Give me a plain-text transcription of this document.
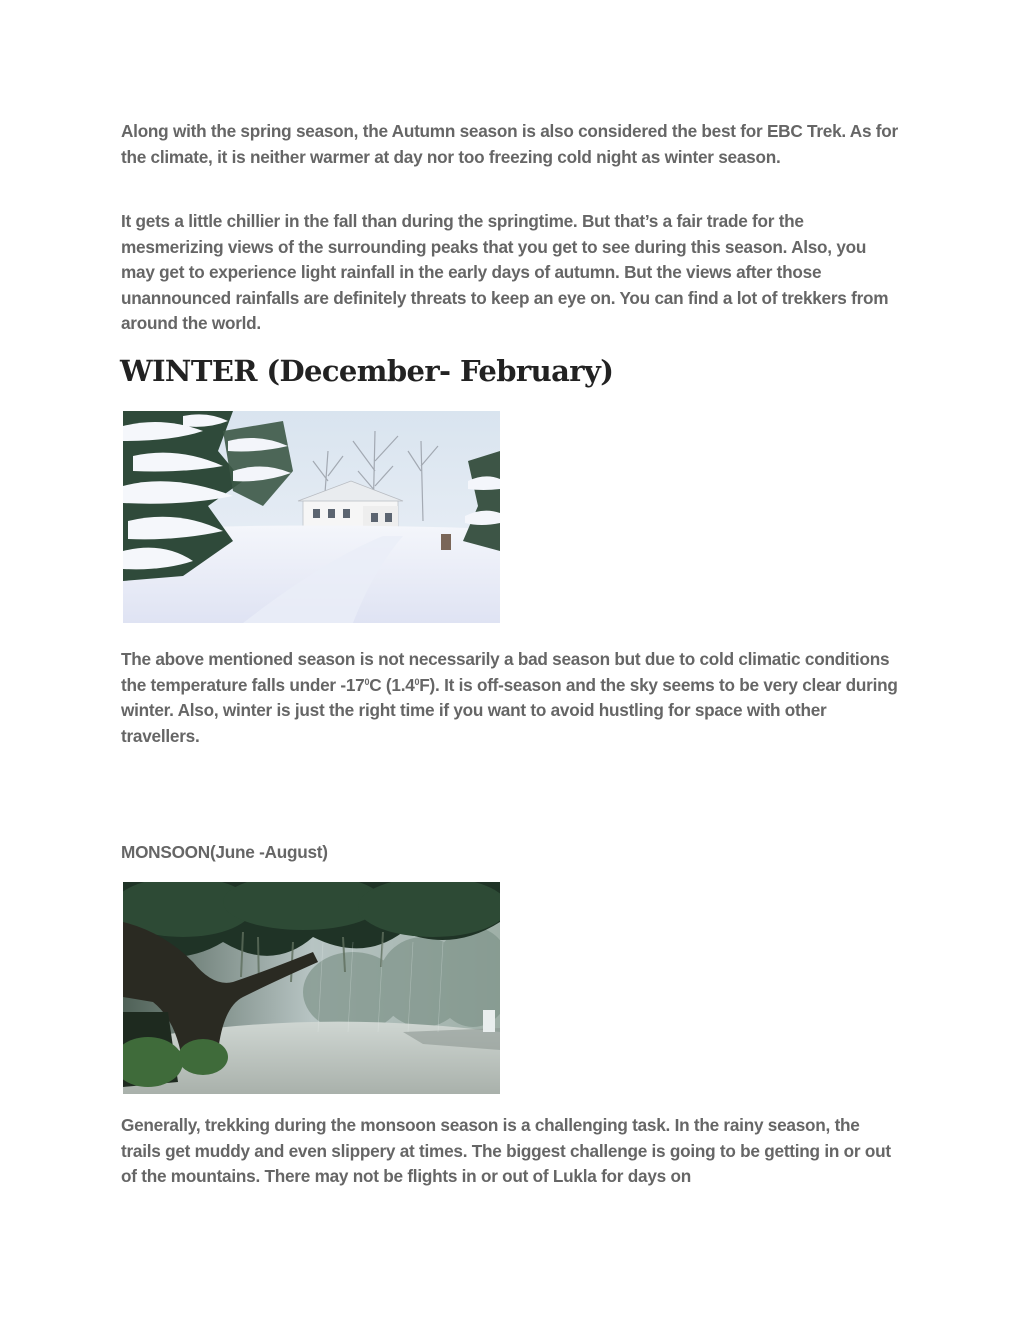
Along with the spring season, the Autumn season is also considered the best for EBC Trek. As for the climate, it is neither warmer at day nor too freezing cold night as winter season.

It gets a little chillier in the fall than during the springtime. But that’s a fair trade for the mesmerizing views of the surrounding peaks that you get to see during this season. Also, you may get to experience light rainfall in the early days of autumn. But the views after those unannounced rainfalls are definitely threats to keep an eye on. You can find a lot of trekkers from around the world.

WINTER (December- February)

The above mentioned season is not necessarily a bad season but due to cold climatic conditions the temperature falls under $-17^0C$ $(1.4^0F)$. It is off-season and the sky seems to be very clear during winter. Also, winter is just the right time if you want to avoid hustling for space with other travellers.

MONSOON(June -August)

Generally, trekking during the monsoon season is a challenging task. In the rainy season, the trails get muddy and even slippery at times. The biggest challenge is going to be getting in or out of the mountains. There may not be flights in or out of Lukla for days on
